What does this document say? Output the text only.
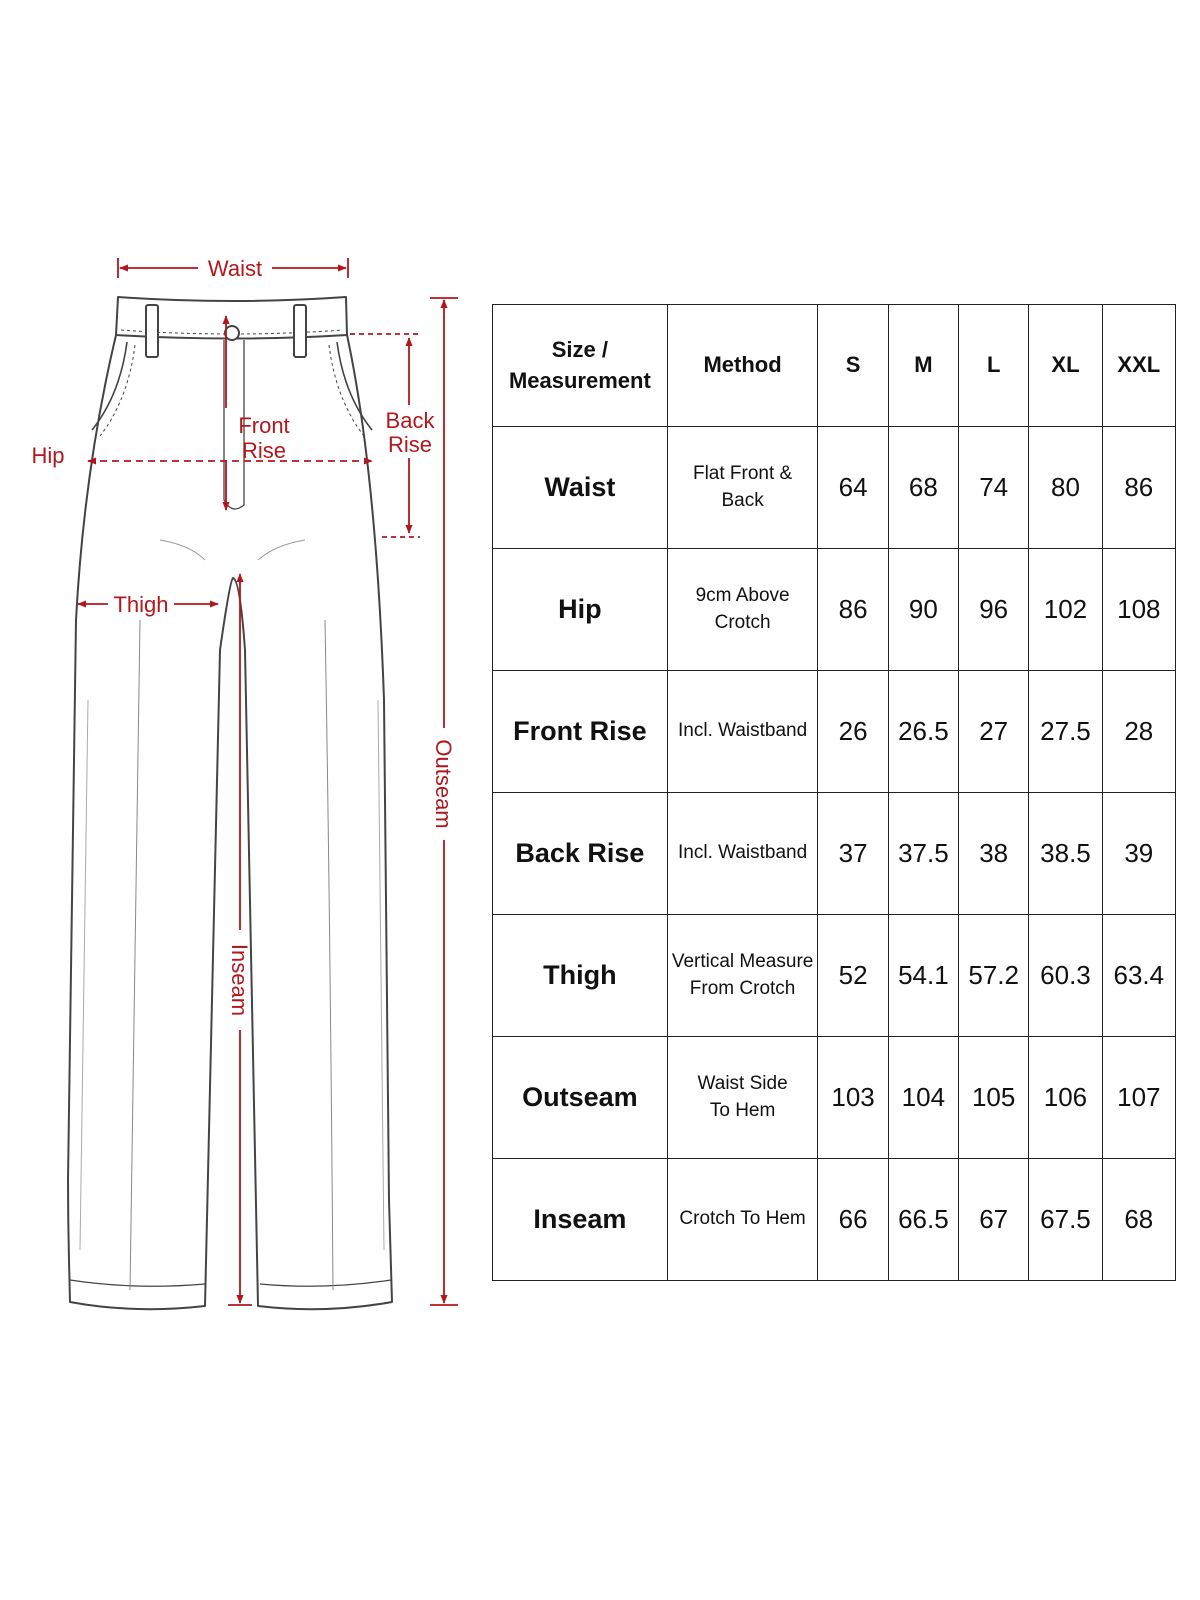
Waist
Hip
Front
Rise
Back
Rise
Thigh
Outseam
Inseam
Size /
Measurement	Method	S	M	L	XL	XXL
Waist	Flat Front & Back	64	68	74	80	86
Hip	9cm Above
Crotch	86	90	96	102	108
Front Rise	Incl. Waistband	26	26.5	27	27.5	28
Back Rise	Incl. Waistband	37	37.5	38	38.5	39
Thigh	Vertical Measure
From Crotch	52	54.1	57.2	60.3	63.4
Outseam	Waist Side
To Hem	103	104	105	106	107
Inseam	Crotch To Hem	66	66.5	67	67.5	68
